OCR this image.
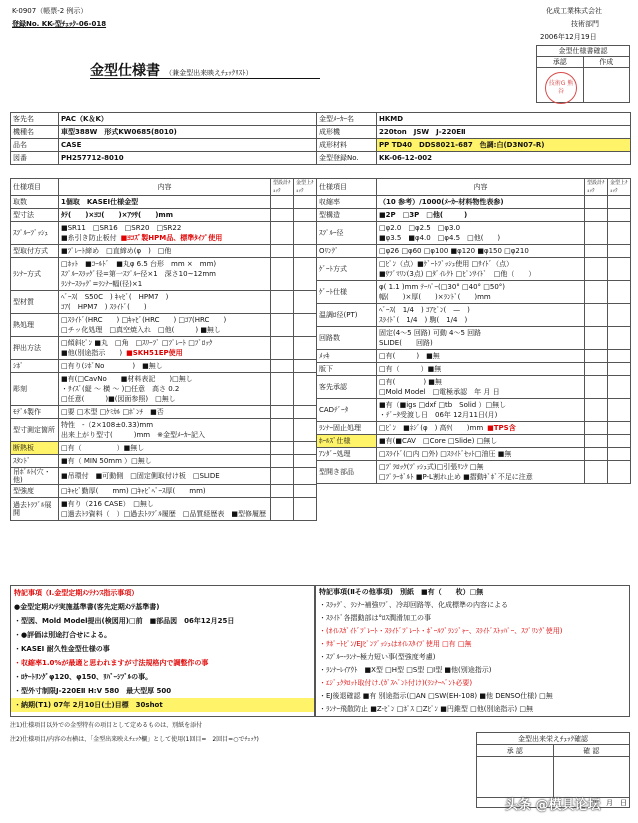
K-0907（帳票-2 例示）
登録No. KK-型ﾁｪｯｸ-06-018
化成工業株式会社
技術部門
2006年12月19日
金型仕様書確認	
承認	作成

技術G 熊谷
金型仕様書 （兼金型出来映えﾁｪｯｸﾘｽﾄ）
客先名	PAC（K＆K）	金型ﾒｰｶｰ名	HKMD
機種名	車型388W　形式KW0685(8010)	成形機	220ton　JSW　J-220EⅡ
品名	CASE	成形材料	PP TD40　DDS8021-687　色調:白(D3N07-R)
図番	PH257712-8010	金型登録No.	KK-06-12-002
仕様項目	内容	型設計ﾁｪｯｸ	金型上ﾁｪｯｸ	仕様項目	内容	型設計ﾁｪｯｸ	金型上ﾁｪｯｸ
取数	1個取　KASEI仕様金型		

型寸法	ﾀﾃ(　　)×ﾖｺ(　　)×ｱﾂｻ(　　)mm		

ｽﾌﾟﾙｰﾌﾞｯｼｭ	■SR11　□SR16　□SR20　□SR22
■糸引き防止板付 ■ﾖｺｽﾞ製HPM品、標準ﾀｲﾌﾟ使用		

型取付方式	■ﾌﾟﾚｰﾄ締め　□直締め(φ　)　□他		

ﾗﾝﾅｰ方式	□ﾎｯﾄ　■ｺｰﾙﾄﾞ　■丸φ 6.5 台形　mm ×　mm)
ｽﾌﾟﾙｰｽﾗｯｸﾞ径=第一ｽﾌﾟﾙｰ径×1　深さ10~12mm
ﾗﾝﾅｰｽﾗｯｸﾞ=ﾗﾝﾅｰ幅(径)×1		

型材質	ﾍﾞｰｽ(　S50C　) ｷｬﾋﾞ(　HPM7　)
ｺｱ(　HPM7　) ｽﾗｲﾄﾞ(　　)		

熱処理	□ｽﾗｲﾄﾞ(HRC　　) □ｷｬﾋﾞ(HRC　　) □ｺｱ(HRC　　)
□チッ化処理　□真空焼入れ　□他(　　　) ■無し		

押出方法	□傾斜ﾋﾟﾝ ■丸　□角　□ｽﾘｰﾌﾞ □ﾌﾟﾚｰﾄ □ﾌﾞﾛｯｸ
■他(別途指示　　) ■SKH51EP使用		

ｼﾎﾞ	□有り(ｼﾎﾞNo　　　　)　■無し		

彫刻	■有(□CavNo　　■材料表記　　)□無し
・ｻｲｽﾞ(縦 ～ 横 ～ )□任意　高さ 0.2
□任意(　　　)■(図面参照)　□無し		

ﾓﾃﾞﾙ製作	□要 □木型 □ｹﾐｶﾙ □ﾎﾟﾝﾁ　■否		

型寸測定箇所	特性　-（2×108±0.33)mm
出来上がり型寸(　　　)mm　※金型ﾒｰｶｰ記入		

断熱板	□有（　　　　　）■無し		

ｽﾀﾝﾄﾞ	■有（ MIN 50mm ）□無し		

吊ﾎﾞﾙﾄ(穴・他)	■吊環付　■可動側　□固定側取付け板　□SLIDE		

型強度	□ｷｬﾋﾞ勤厚(　　mm) □ｷｬﾋﾞﾍﾞｰｽ厚(　　mm)		

過去ﾄﾗﾌﾞﾙ展開	■有り（216 CASE）　□無し
□過去ﾄﾗ資料（　）□過去ﾄﾗﾌﾞﾙ履歴　□品質経歴表　■型修履歴		

収縮率	（10 参考）/1000(ﾒｰｶｰ材料物性表参)		

型構造	■2P　□3P　□他(　　　)		

ｽﾌﾟﾙｰ径	□φ2.0　□φ2.5　□φ3.0
■φ3.5　■φ4.0　□φ4.5　□他(　　)		

Oﾘﾝｸﾞ	□φ26 □φ60 □φ100 ■φ120 ■φ150 □φ210		

ｹﾞｰﾄ方式	□ﾋﾟﾝ（点）■ｹﾞｰﾄﾌﾞｯｼｭ使用 □ｻｲﾄﾞ（点）
■ｻﾌﾞﾏﾘﾝ(3点) □ﾀﾞｲﾚｸﾄ □ﾋﾟﾝｻｲﾄﾞ　□他（　　）		

ｹﾞｰﾄ仕様	φ( 1.1 )mm ﾃｰﾊﾟｰ(□30° □40° □50°)
幅(　　)×厚(　　)×ﾗﾝﾄﾞ(　　)mm		

温調ﾛ径(PT)	ﾍﾞｰｽ(　1/4　) ｺｱﾋﾟﾝ(　—　)
ｽﾗｲﾄﾞ(　1/4　) 駒(　1/4　)		

回路数	固定(4～5 回路) 可動 4～5 回路
SLIDE(　　回路)		

ﾒｯｷ	□有(　　　)　■無		

版下	□有（　　　）■無		

客先承認	□有(　　　　) ■無
□Mold Model　□電極承認　年 月 日		

CADﾃﾞｰﾀ	■有（■igs □dxf □tb　Solid ）□無し
・ﾃﾞｰﾀ受渡し日　06年 12月11日(月)		

ﾗﾝﾅｰ固止処理	□ﾋﾟﾝ　■ﾈｼﾞ(φ　) 高ｻ(　　)mm ■TPS含		

ﾎｰﾙｽﾞ仕様	■有(■CAV　□Core □Slide) □無し		

ｱﾝﾀﾞｰ処理	□ｽﾗｲﾄﾞ(□内 □外) □ｽﾗｲﾄﾞｾｯﾄ□油圧 ■無		

型開き部品	□ﾌﾟﾗﾛｯｸ(ﾌﾟｯｼｭ式)□引張ﾘﾝｸ □無
□ﾌﾟﾗｰﾎﾞﾙﾄ ■P-L割れ止め ■摺動ｷﾞﾎﾞ不足に注意		

特記事項（Ⅰ.金型定期ﾒﾝﾃﾅﾝｽ指示事項）
●金型定期ﾒﾝﾃ実施基準書(客先定期ﾒﾝﾃ基準書)
・型図、Mold Model提出(検図用)□前　■部品図　06年12月25日
・●評価は別途打合せによる。
・KASEI 耐久性金型仕様の事
・収縮率1.0%が最適と思われますが寸法規格内で調整作の事
・ﾛｹｰﾄﾘﾝｸﾞφ120、φ150、ﾘﾊﾞｰｼﾌﾞﾙの事。
・型外寸制限J-220EⅡ H:V 580　最大型厚 500
・納期(T1) 07年 2月10日(土)目標　30shot
特記事項(Ⅱその他事項)　別紙　■有（　　枚）□無
・ｽﾗｯｸﾞ、ﾗﾝﾅｰ補強ﾘﾌﾞ、冷却回路等、化成標準の内容による
・ｽﾗｲﾄﾞ各摺動部は°ﾛｽ潤滑加工の事
・(ｵｲﾚｽｶﾞｲﾄﾞﾌﾟﾚｰﾄ・ｽﾗｲﾄﾞﾌﾟﾚｰﾄ・ﾎﾞｰﾙﾌﾞﾗﾝｼﾞｬｰ、ｽﾗｲﾄﾞｽﾄｯﾊﾟｰ、ｽﾌﾟﾘﾝｸﾞ使用)
・ｻﾎﾟｰﾄﾋﾟﾝ/EJﾋﾟﾝﾌﾞｯｼｭはｵｲﾚｽﾀｲﾌﾟ使用 □有 □無
・ｽﾌﾟﾙｰ-ﾗﾝﾅｰ極力短い事(型強度考慮)
・ﾗﾝﾅｰﾚｲｱｳﾄ　■X型 □H型 □S型 □I型 ■他(別途指示)
・ｴｼﾞｪｸﾀﾛｯﾄ取付け.(ｶﾞｽﾍﾞﾝﾄ付け)(ﾗﾝﾅｰﾍﾞﾝﾄ必要)
・EJ後退確認 ■有 別途指示(□AN □SW(EH-108) ■他 DENSO仕様) □無
・ﾗﾝﾅｰ飛散防止 ■Z-ﾋﾟﾝ □ﾎﾟｽ □Zﾋﾟﾝ ■円錐型 □他(別途指示) □無
注1)仕様項目以外での金型特有の項目として定めるものは、別紙を添付
注2)仕様項目/内容の右横は、「金型出来映えﾁｪｯｸ欄」として使用(1回目=　2回目=○でﾁｪｯｸ)	金型出来栄えﾁｪｯｸ確認	
承 認	確 認

年　月　日	
头条 @模具论坛
